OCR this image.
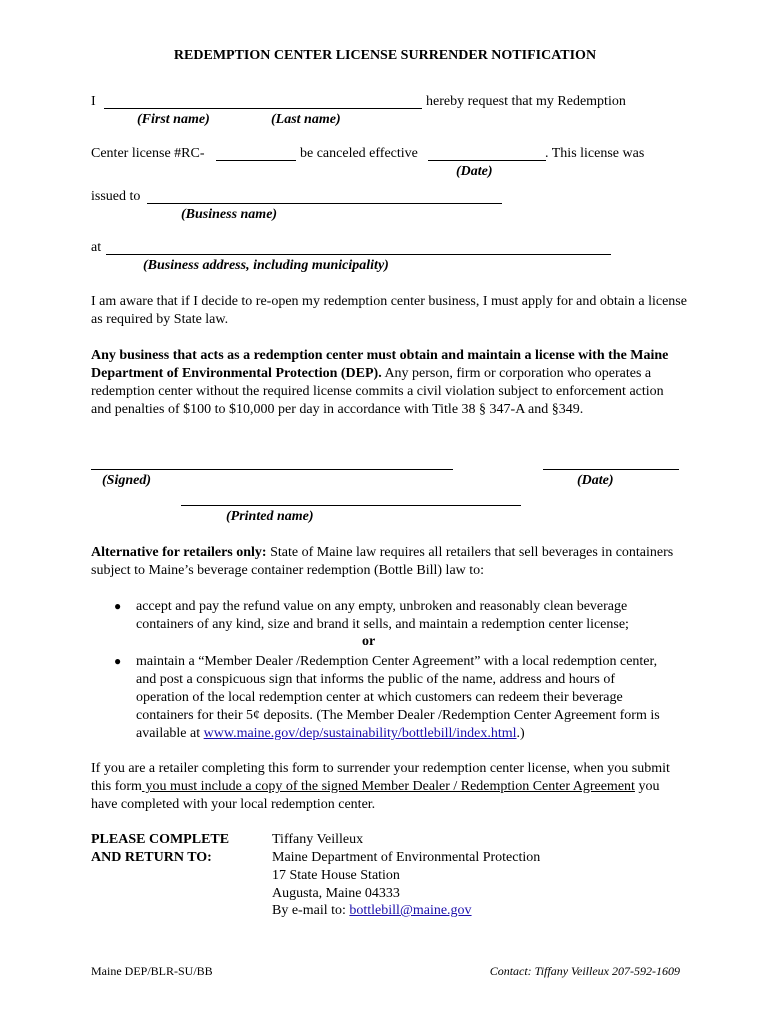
REDEMPTION CENTER LICENSE SURRENDER NOTIFICATION
I	hereby request that my Redemption
(First name)	(Last name)
Center license #RC-	be canceled effective	. This license was
(Date)
issued to
(Business name)
at
(Business address, including municipality)
I am aware that if I decide to re-open my redemption center business, I must apply for and obtain a license as required by State law.
Any business that acts as a redemption center must obtain and maintain a license with the Maine Department of Environmental Protection (DEP). Any person, firm or corporation who operates a redemption center without the required license commits a civil violation subject to enforcement action and penalties of $100 to $10,000 per day in accordance with Title 38 § 347-A and §349.
(Signed)	(Date)
(Printed name)
Alternative for retailers only: State of Maine law requires all retailers that sell beverages in containers subject to Maine’s beverage container redemption (Bottle Bill) law to:
● accept and pay the refund value on any empty, unbroken and reasonably clean beverage containers of any kind, size and brand it sells, and maintain a redemption center license;
or
● maintain a “Member Dealer /Redemption Center Agreement” with a local redemption center, and post a conspicuous sign that informs the public of the name, address and hours of operation of the local redemption center at which customers can redeem their beverage containers for their 5¢ deposits. (The Member Dealer /Redemption Center Agreement form is available at www.maine.gov/dep/sustainability/bottlebill/index.html.)
If you are a retailer completing this form to surrender your redemption center license, when you submit this form you must include a copy of the signed Member Dealer / Redemption Center Agreement you have completed with your local redemption center.
PLEASE COMPLETE
AND RETURN TO:
Tiffany Veilleux
Maine Department of Environmental Protection
17 State House Station
Augusta, Maine 04333
By e-mail to: bottlebill@maine.gov
Maine DEP/BLR-SU/BB	Contact: Tiffany Veilleux 207-592-1609
